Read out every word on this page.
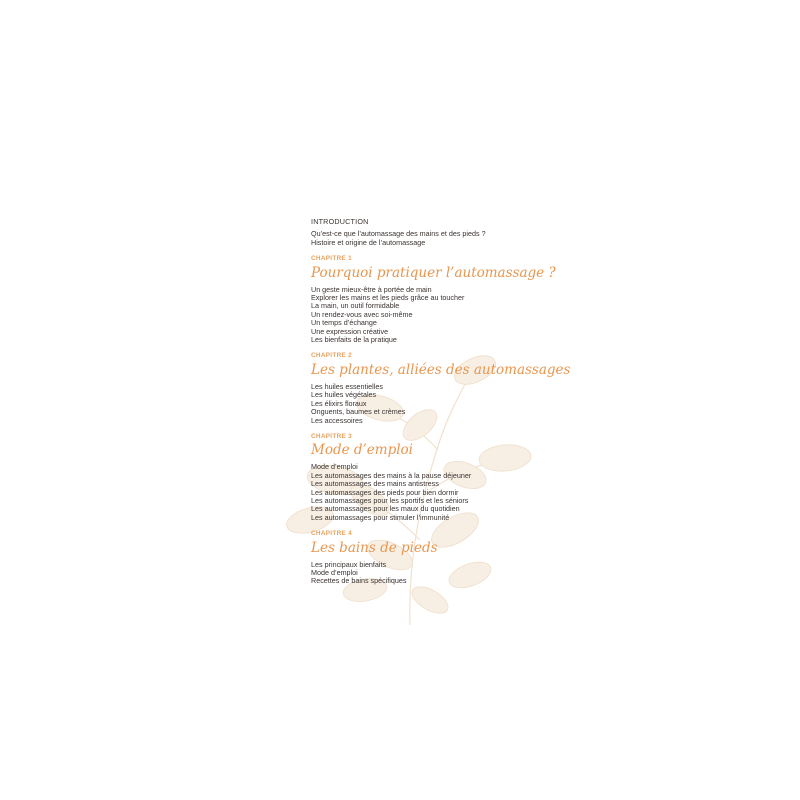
INTRODUCTION
Qu’est-ce que l’automassage des mains et des pieds ?
Histoire et origine de l’automassage
CHAPITRE 1
Pourquoi pratiquer l’automassage ?
Un geste mieux-être à portée de main
Explorer les mains et les pieds grâce au toucher
La main, un outil formidable
Un rendez-vous avec soi-même
Un temps d’échange
Une expression créative
Les bienfaits de la pratique
CHAPITRE 2
Les plantes, alliées des automassages
Les huiles essentielles
Les huiles végétales
Les élixirs floraux
Onguents, baumes et crèmes
Les accessoires
CHAPITRE 3
Mode d’emploi
Mode d’emploi
Les automassages des mains à la pause déjeuner
Les automassages des mains antistress
Les automassages des pieds pour bien dormir
Les automassages pour les sportifs et les séniors
Les automassages pour les maux du quotidien
Les automassages pour stimuler l’immunité
CHAPITRE 4
Les bains de pieds
Les principaux bienfaits
Mode d’emploi
Recettes de bains spécifiques
